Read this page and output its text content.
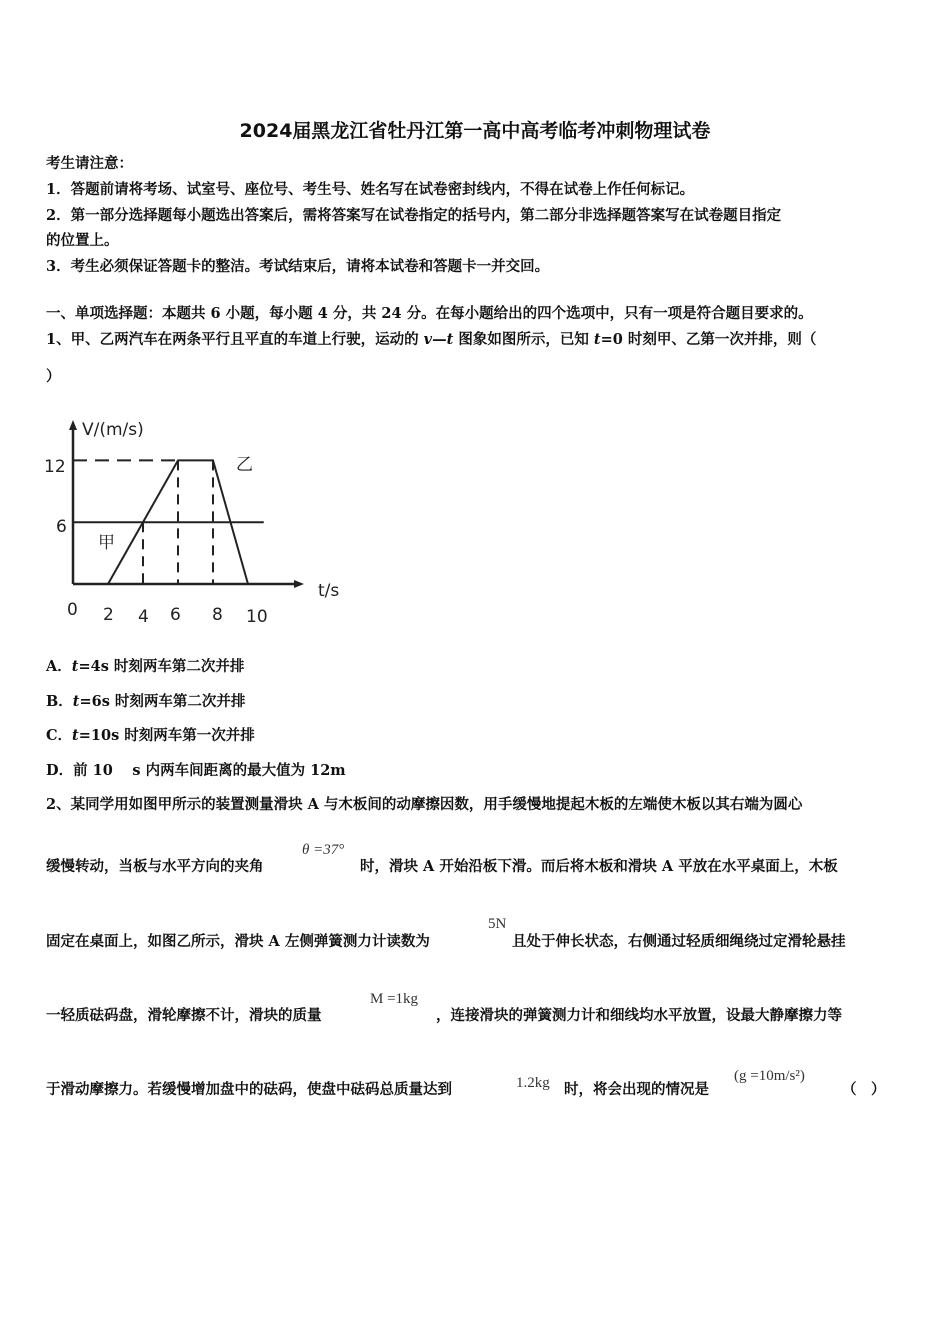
2024届黑龙江省牡丹江第一高中高考临考冲刺物理试卷
考生请注意：
1．答题前请将考场、试室号、座位号、考生号、姓名写在试卷密封线内，不得在试卷上作任何标记。
2．第一部分选择题每小题选出答案后，需将答案写在试卷指定的括号内，第二部分非选择题答案写在试卷题目指定
的位置上。
3．考生必须保证答题卡的整洁。考试结束后，请将本试卷和答题卡一并交回。
一、单项选择题：本题共 6 小题，每小题 4 分，共 24 分。在每小题给出的四个选项中，只有一项是符合题目要求的。
1、甲、乙两汽车在两条平行且平直的车道上行驶，运动的 v—t 图象如图所示，已知 t=0 时刻甲、乙第一次并排，则（
）
V/(m/s)
t/s
12
6
0 2 4 6 8 10
甲
乙
A．t=4s 时刻两车第二次并排
B．t=6s 时刻两车第二次并排
C．t=10s 时刻两车第一次并排
D．前 10　 s 内两车间距离的最大值为 12m
2、某同学用如图甲所示的装置测量滑块 A 与木板间的动摩擦因数，用手缓慢地提起木板的左端使木板以其右端为圆心
缓慢转动，当板与水平方向的夹角
θ =37°
时，滑块 A 开始沿板下滑。而后将木板和滑块 A 平放在水平桌面上，木板
固定在桌面上，如图乙所示，滑块 A 左侧弹簧测力计读数为
5N
且处于伸长状态，右侧通过轻质细绳绕过定滑轮悬挂
一轻质砝码盘，滑轮摩擦不计，滑块的质量
M =1kg
，连接滑块的弹簧测力计和细线均水平放置，设最大静摩擦力等
于滑动摩擦力。若缓慢增加盘中的砝码，使盘中砝码总质量达到	1.2kg 时，将会出现的情况是
(g =10m/s²)
（　）
